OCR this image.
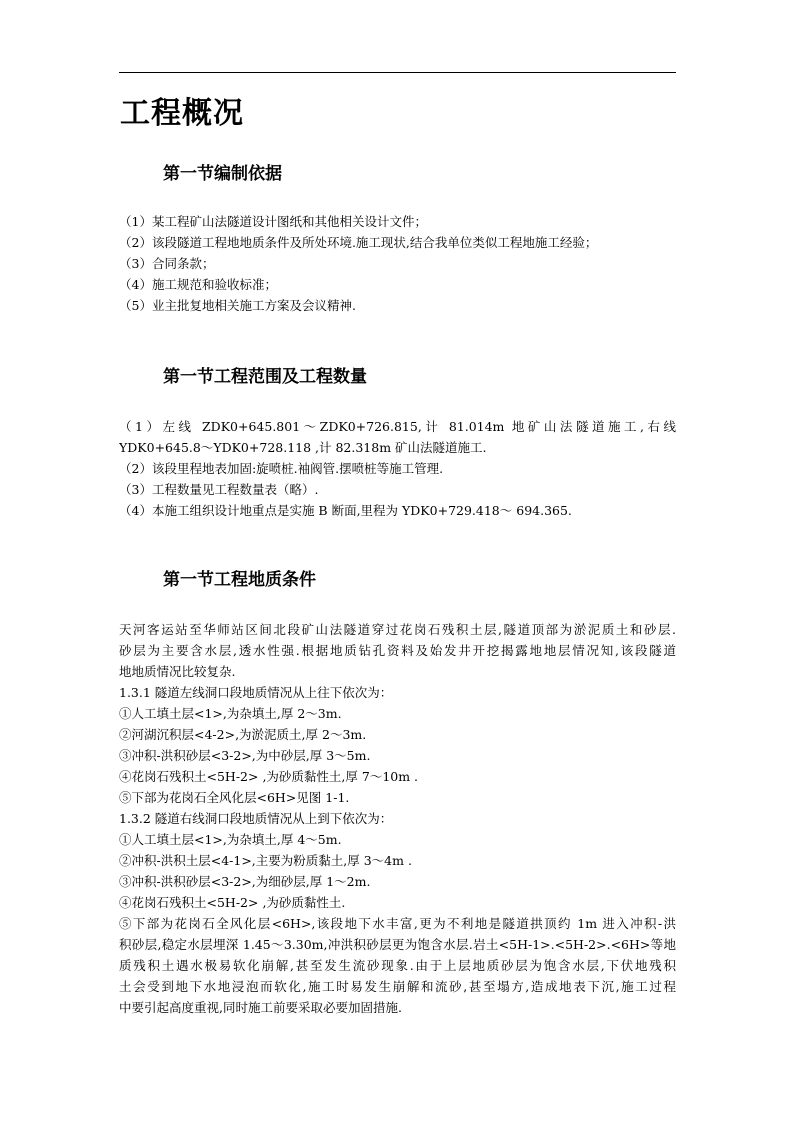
工程概况
第一节编制依据
（1）某工程矿山法隧道设计图纸和其他相关设计文件；
（2）该段隧道工程地地质条件及所处环境.施工现状,结合我单位类似工程地施工经验；
（3）合同条款；
（4）施工规范和验收标准；
（5）业主批复地相关施工方案及会议精神.
第一节工程范围及工程数量
（1）左线 ZDK0+645.801～ZDK0+726.815,计 81.014m 地矿山法隧道施工,右线
YDK0+645.8～YDK0+728.118 ,计 82.318m 矿山法隧道施工.
（2）该段里程地表加固:旋喷桩.袖阀管.摆喷桩等施工管理.
（3）工程数量见工程数量表（略）.
（4）本施工组织设计地重点是实施 B 断面,里程为 YDK0+729.418～ 694.365.
第一节工程地质条件
天河客运站至华师站区间北段矿山法隧道穿过花岗石残积土层,隧道顶部为淤泥质土和砂层.
砂层为主要含水层,透水性强.根据地质钻孔资料及始发井开挖揭露地地层情况知,该段隧道
地地质情况比较复杂.
1.3.1 隧道左线洞口段地质情况从上往下依次为：
①人工填土层<1>,为杂填土,厚 2～3m.
②河湖沉积层<4-2>,为淤泥质土,厚 2～3m.
③冲积-洪积砂层<3-2>,为中砂层,厚 3～5m.
④花岗石残积土<5H-2> ,为砂质黏性土,厚 7～10m .
⑤下部为花岗石全风化层<6H>见图 1-1.
1.3.2 隧道右线洞口段地质情况从上到下依次为：
①人工填土层<1>,为杂填土,厚 4～5m.
②冲积-洪积土层<4-1>,主要为粉质黏土,厚 3～4m .
③冲积-洪积砂层<3-2>,为细砂层,厚 1～2m.
④花岗石残积土<5H-2> ,为砂质黏性土.
⑤下部为花岗石全风化层<6H>,该段地下水丰富,更为不利地是隧道拱顶约 1m 进入冲积-洪
积砂层,稳定水层埋深 1.45～3.30m,冲洪积砂层更为饱含水层.岩土<5H-1>.<5H-2>.<6H>等地
质残积土遇水极易软化崩解,甚至发生流砂现象.由于上层地质砂层为饱含水层,下伏地残积
土会受到地下水地浸泡而软化,施工时易发生崩解和流砂,甚至塌方,造成地表下沉,施工过程
中要引起高度重视,同时施工前要采取必要加固措施.
